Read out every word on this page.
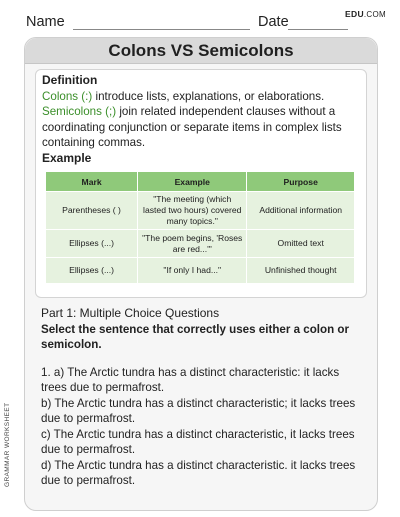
Name	Date	EDU.COM
Colons VS Semicolons
GRAMMAR WORKSHEET
Definition
Colons (:) introduce lists, explanations, or elaborations.
Semicolons (;) join related independent clauses without a coordinating conjunction or separate items in complex lists containing commas.
Example
Mark	Example	Purpose
Parentheses ( )	"The meeting (which lasted two hours) covered many topics."	Additional information
Ellipses (...)	"The poem begins, 'Roses are red...'"	Omitted text
Ellipses (...)	"If only I had..."	Unfinished thought
Part 1: Multiple Choice Questions
Select the sentence that correctly uses either a colon or semicolon.

1. a) The Arctic tundra has a distinct characteristic: it lacks trees due to permafrost.

b) The Arctic tundra has a distinct characteristic; it lacks trees due to permafrost.

c) The Arctic tundra has a distinct characteristic, it lacks trees due to permafrost.

d) The Arctic tundra has a distinct characteristic. it lacks trees due to permafrost.
